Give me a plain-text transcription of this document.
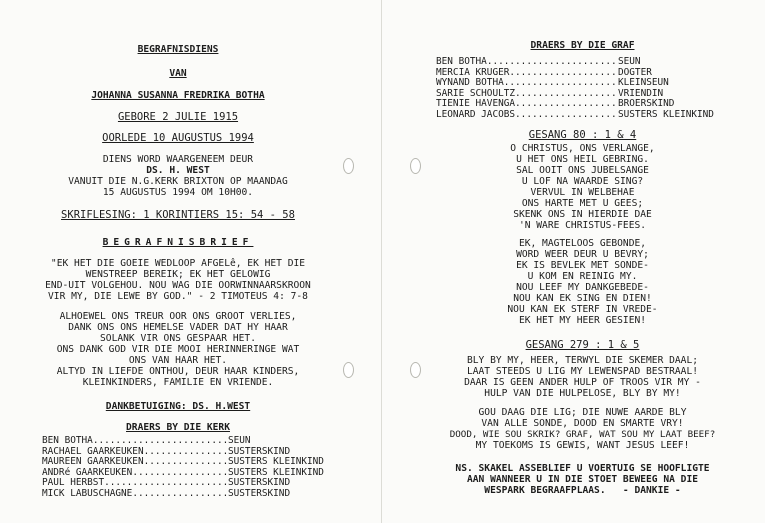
BEGRAFNISDIENS
VAN
JOHANNA SUSANNA FREDRIKA BOTHA
GEBORE 2 JULIE 1915
OORLEDE 10 AUGUSTUS 1994
DIENS WORD WAARGENEEM DEUR
DS. H. WEST
VANUIT DIE N.G.KERK BRIXTON OP MAANDAG
15 AUGUSTUS 1994 OM 10H00.
SKRIFLESING: 1 KORINTIERS 15: 54 - 58
BEGRAFNISBRIEF
"EK HET DIE GOEIE WEDLOOP AFGELê, EK HET DIE
WENSTREEP BEREIK; EK HET GELOWIG
END-UIT VOLGEHOU. NOU WAG DIE OORWINNAARSKROON
VIR MY, DIE LEWE BY GOD." - 2 TIMOTEUS 4: 7-8
ALHOEWEL ONS TREUR OOR ONS GROOT VERLIES,
DANK ONS ONS HEMELSE VADER DAT HY HAAR
SOLANK VIR ONS GESPAAR HET.
ONS DANK GOD VIR DIE MOOI HERINNERINGE WAT
ONS VAN HAAR HET.
ALTYD IN LIEFDE ONTHOU, DEUR HAAR KINDERS,
KLEINKINDERS, FAMILIE EN VRIENDE.
DANKBETUIGING: DS. H.WEST
DRAERS BY DIE KERK
BEN BOTHA .....	SEUN
RACHAEL GAARKEUKEN .....	SUSTERSKIND
MAUREEN GAARKEUKEN .....	SUSTERS KLEINKIND
ANDRé GAARKEUKEN .....	SUSTERS KLEINKIND
PAUL HERBST .....	SUSTERSKIND
MICK LABUSCHAGNE .....	SUSTERSKIND
DRAERS BY DIE GRAF
BEN BOTHA .....	SEUN
MERCIA KRUGER .....	DOGTER
WYNAND BOTHA .....	KLEINSEUN
SARIE SCHOULTZ .....	VRIENDIN
TIENIE HAVENGA .....	BROERSKIND
LEONARD JACOBS .....	SUSTERS KLEINKIND
GESANG 80 : 1 & 4
O CHRISTUS, ONS VERLANGE,
U HET ONS HEIL GEBRING.
SAL OOIT ONS JUBELSANGE
U LOF NA WAARDE SING?
VERVUL IN WELBEHAE
ONS HARTE MET U GEES;
SKENK ONS IN HIERDIE DAE
'N WARE CHRISTUS-FEES.
EK, MAGTELOOS GEBONDE,
WORD WEER DEUR U BEVRY;
EK IS BEVLEK MET SONDE-
U KOM EN REINIG MY.
NOU LEEF MY DANKGEBEDE-
NOU KAN EK SING EN DIEN!
NOU KAN EK STERF IN VREDE-
EK HET MY HEER GESIEN!
GESANG 279 : 1 & 5
BLY BY MY, HEER, TERWYL DIE SKEMER DAAL;
LAAT STEEDS U LIG MY LEWENSPAD BESTRAAL!
DAAR IS GEEN ANDER HULP OF TROOS VIR MY -
HULP VAN DIE HULPELOSE, BLY BY MY!
GOU DAAG DIE LIG; DIE NUWE AARDE BLY
VAN ALLE SONDE, DOOD EN SMARTE VRY!
DOOD, WIE SOU SKRIK? GRAF, WAT SOU MY LAAT BEEF?
MY TOEKOMS IS GEWIS, WANT JESUS LEEF!
NS. SKAKEL ASSEBLIEF U VOERTUIG SE HOOFLIGTE
AAN WANNEER U IN DIE STOET BEWEEG NA DIE
WESPARK BEGRAAFPLAAS.   - DANKIE -
